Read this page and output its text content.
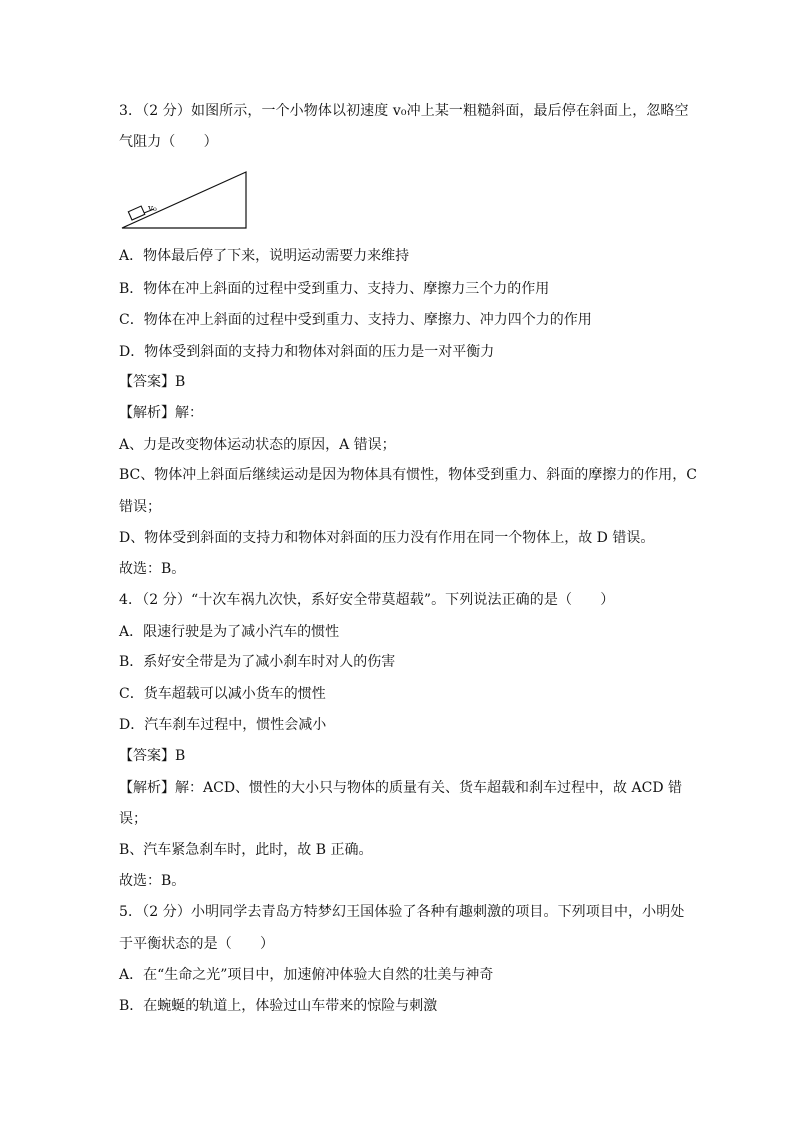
3．（2 分）如图所示，一个小物体以初速度 v₀冲上某一粗糙斜面，最后停在斜面上，忽略空
气阻力（　　）
v₀
A．物体最后停了下来，说明运动需要力来维持
B．物体在冲上斜面的过程中受到重力、支持力、摩擦力三个力的作用
C．物体在冲上斜面的过程中受到重力、支持力、摩擦力、冲力四个力的作用
D．物体受到斜面的支持力和物体对斜面的压力是一对平衡力
【答案】B
【解析】解：
A、力是改变物体运动状态的原因，A 错误；
BC、物体冲上斜面后继续运动是因为物体具有惯性，物体受到重力、斜面的摩擦力的作用，C
错误；
D、物体受到斜面的支持力和物体对斜面的压力没有作用在同一个物体上，故 D 错误。
故选：B。
4．（2 分）“十次车祸九次快，系好安全带莫超载”。下列说法正确的是（　　）
A．限速行驶是为了减小汽车的惯性
B．系好安全带是为了减小刹车时对人的伤害
C．货车超载可以减小货车的惯性
D．汽车刹车过程中，惯性会减小
【答案】B
【解析】解：ACD、惯性的大小只与物体的质量有关、货车超载和刹车过程中，故 ACD 错
误；
B、汽车紧急刹车时，此时，故 B 正确。
故选：B。
5．（2 分）小明同学去青岛方特梦幻王国体验了各种有趣刺激的项目。下列项目中，小明处
于平衡状态的是（　　）
A．在“生命之光”项目中，加速俯冲体验大自然的壮美与神奇
B．在蜿蜒的轨道上，体验过山车带来的惊险与刺激
